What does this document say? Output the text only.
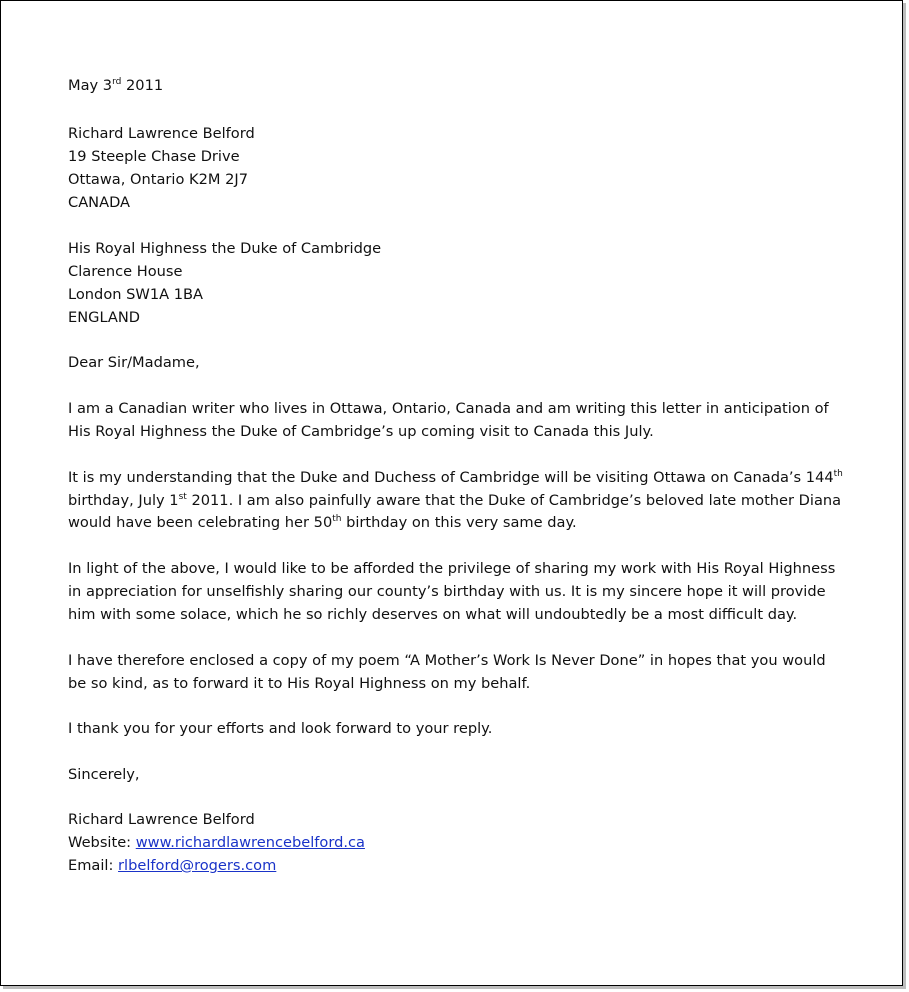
May 3rd 2011
Richard Lawrence Belford
19 Steeple Chase Drive
Ottawa, Ontario K2M 2J7
CANADA
His Royal Highness the Duke of Cambridge
Clarence House
London SW1A 1BA
ENGLAND
Dear Sir/Madame,
I am a Canadian writer who lives in Ottawa, Ontario, Canada and am writing this letter in anticipation of
His Royal Highness the Duke of Cambridge’s up coming visit to Canada this July.
It is my understanding that the Duke and Duchess of Cambridge will be visiting Ottawa on Canada’s 144th
birthday, July 1st 2011. I am also painfully aware that the Duke of Cambridge’s beloved late mother Diana
would have been celebrating her 50th birthday on this very same day.
In light of the above, I would like to be afforded the privilege of sharing my work with His Royal Highness
in appreciation for unselfishly sharing our county’s birthday with us. It is my sincere hope it will provide
him with some solace, which he so richly deserves on what will undoubtedly be a most difficult day.
I have therefore enclosed a copy of my poem “A Mother’s Work Is Never Done” in hopes that you would
be so kind, as to forward it to His Royal Highness on my behalf.
I thank you for your efforts and look forward to your reply.
Sincerely,
Richard Lawrence Belford
Website: www.richardlawrencebelford.ca
Email: rlbelford@rogers.com
